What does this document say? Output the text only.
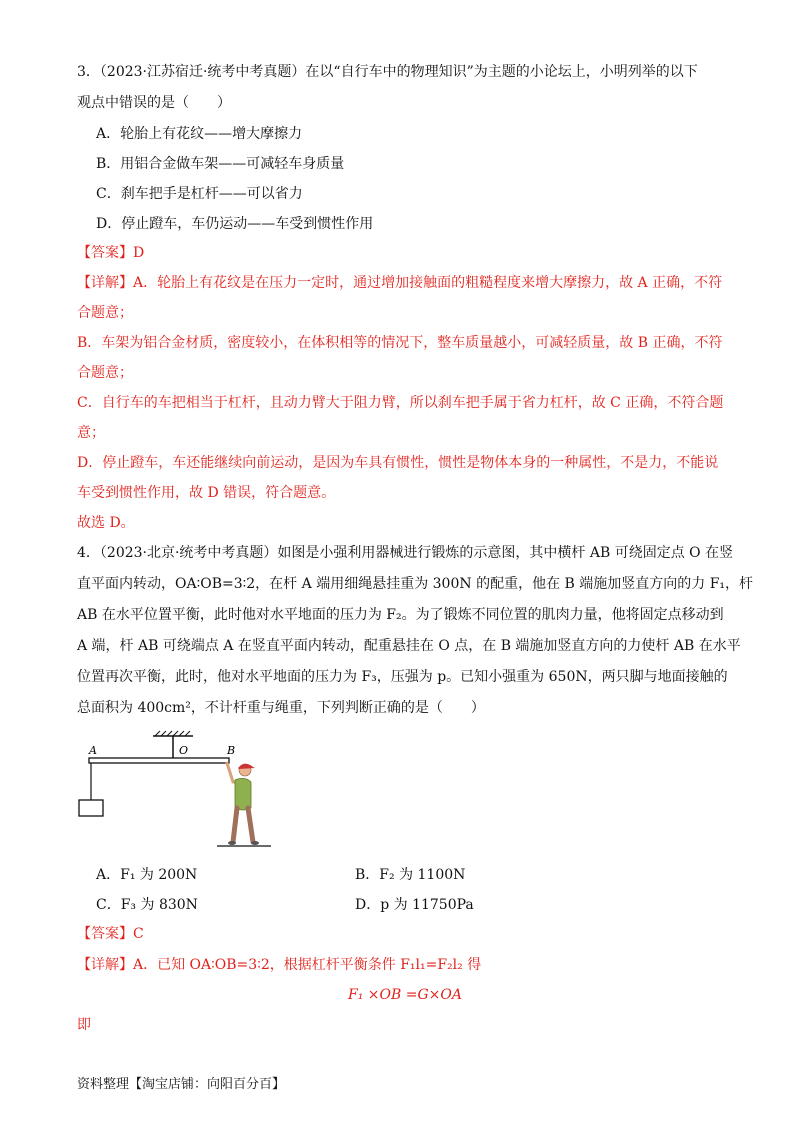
3．（2023·江苏宿迁·统考中考真题）在以“自行车中的物理知识”为主题的小论坛上，小明列举的以下
观点中错误的是（　　）
A．轮胎上有花纹——增大摩擦力
B．用铝合金做车架——可减轻车身质量
C．刹车把手是杠杆——可以省力
D．停止蹬车，车仍运动——车受到惯性作用
【答案】D
【详解】A．轮胎上有花纹是在压力一定时，通过增加接触面的粗糙程度来增大摩擦力，故 A 正确，不符
合题意；
B．车架为铝合金材质，密度较小，在体积相等的情况下，整车质量越小，可减轻质量，故 B 正确，不符
合题意；
C．自行车的车把相当于杠杆，且动力臂大于阻力臂，所以刹车把手属于省力杠杆，故 C 正确，不符合题
意；
D．停止蹬车，车还能继续向前运动，是因为车具有惯性，惯性是物体本身的一种属性，不是力，不能说
车受到惯性作用，故 D 错误，符合题意。
故选 D。
4．（2023·北京·统考中考真题）如图是小强利用器械进行锻炼的示意图，其中横杆 AB 可绕固定点 O 在竖
直平面内转动，OA∶OB=3∶2，在杆 A 端用细绳悬挂重为 300N 的配重，他在 B 端施加竖直方向的力 F₁，杆
AB 在水平位置平衡，此时他对水平地面的压力为 F₂。为了锻炼不同位置的肌肉力量，他将固定点移动到
A 端，杆 AB 可绕端点 A 在竖直平面内转动，配重悬挂在 O 点，在 B 端施加竖直方向的力使杆 AB 在水平
位置再次平衡，此时，他对水平地面的压力为 F₃，压强为 p。已知小强重为 650N，两只脚与地面接触的
总面积为 400cm²，不计杆重与绳重，下列判断正确的是（　　）
A	O	B
A．F₁ 为 200N	B．F₂ 为 1100N
C．F₃ 为 830N	D．p 为 11750Pa
【答案】C
【详解】A．已知 OA∶OB=3∶2，根据杠杆平衡条件 F₁l₁=F₂l₂ 得
F₁ ×OB =G×OA
即
资料整理【淘宝店铺：向阳百分百】
